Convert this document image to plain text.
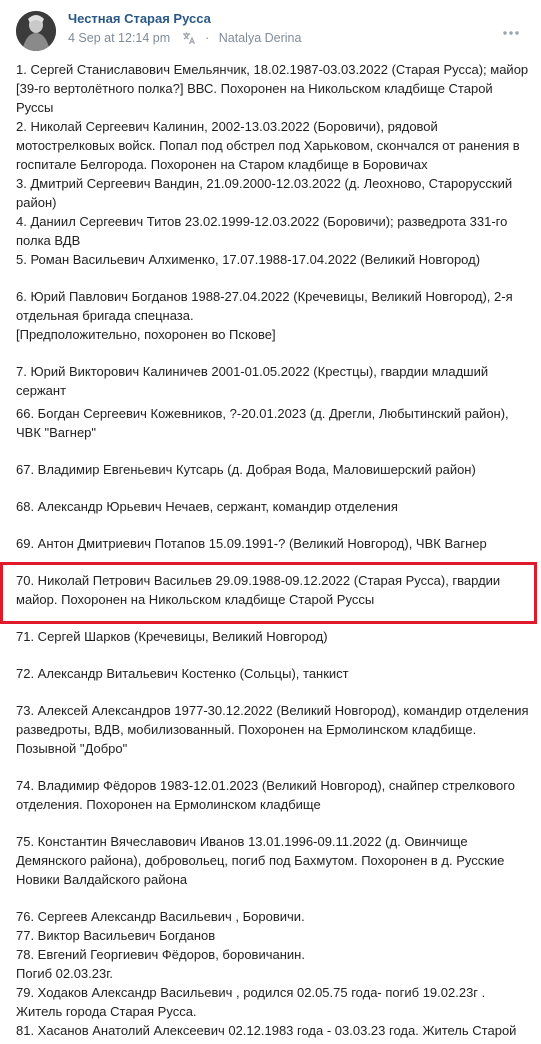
Честная Старая Русса
4 Sep at 12:14 pm	· Natalya Derina
1. Сергей Станиславович Емельянчик, 18.02.1987-03.03.2022 (Старая Русса); майор [39-го вертолётного полка?] ВВС. Похоронен на Никольском кладбище Старой Руссы
2. Николай Сергеевич Калинин, 2002-13.03.2022 (Боровичи), рядовой мотострелковых войск. Попал под обстрел под Харьковом, скончался от ранения в госпитале Белгорода. Похоронен на Старом кладбище в Боровичах
3. Дмитрий Сергеевич Вандин, 21.09.2000-12.03.2022 (д. Леохново, Старорусский район)
4. Даниил Сергеевич Титов 23.02.1999-12.03.2022 (Боровичи); разведрота 331-го полка ВДВ
5. Роман Васильевич Алхименко, 17.07.1988-17.04.2022 (Великий Новгород)
6. Юрий Павлович Богданов 1988-27.04.2022 (Кречевицы, Великий Новгород), 2-я отдельная бригада спецназа.
[Предположительно, похоронен во Пскове]
7. Юрий Викторович Калиничев 2001-01.05.2022 (Крестцы), гвардии младший сержант
66. Богдан Сергеевич Кожевников, ?-20.01.2023 (д. Дрегли, Любытинский район), ЧВК "Вагнер"
67. Владимир Евгеньевич Кутсарь (д. Добрая Вода, Маловишерский район)
68. Александр Юрьевич Нечаев, сержант, командир отделения
69. Антон Дмитриевич Потапов 15.09.1991-? (Великий Новгород), ЧВК Вагнер
70. Николай Петрович Васильев 29.09.1988-09.12.2022 (Старая Русса), гвардии майор. Похоронен на Никольском кладбище Старой Руссы
71. Сергей Шарков (Кречевицы, Великий Новгород)
72. Александр Витальевич Костенко (Сольцы), танкист
73. Алексей Александров 1977-30.12.2022 (Великий Новгород), командир отделения разведроты, ВДВ, мобилизованный. Похоронен на Ермолинском кладбище. Позывной "Добро"
74. Владимир Фёдоров 1983-12.01.2023 (Великий Новгород), снайпер стрелкового отделения. Похоронен на Ермолинском кладбище
75. Константин Вячеславович Иванов 13.01.1996-09.11.2022 (д. Овинчище Демянского района), добровольец, погиб под Бахмутом. Похоронен в д. Русские Новики Валдайского района
76. Сергеев Александр Васильевич , Боровичи.
77. Виктор Васильевич Богданов
78. Евгений Георгиевич Фёдоров, боровичанин.
Погиб 02.03.23г.
79. Ходаков Александр Васильевич , родился 02.05.75 года- погиб 19.02.23г .
Житель города Старая Русса.
81. Хасанов Анатолий Алексеевич 02.12.1983 года - 03.03.23 года. Житель Старой
